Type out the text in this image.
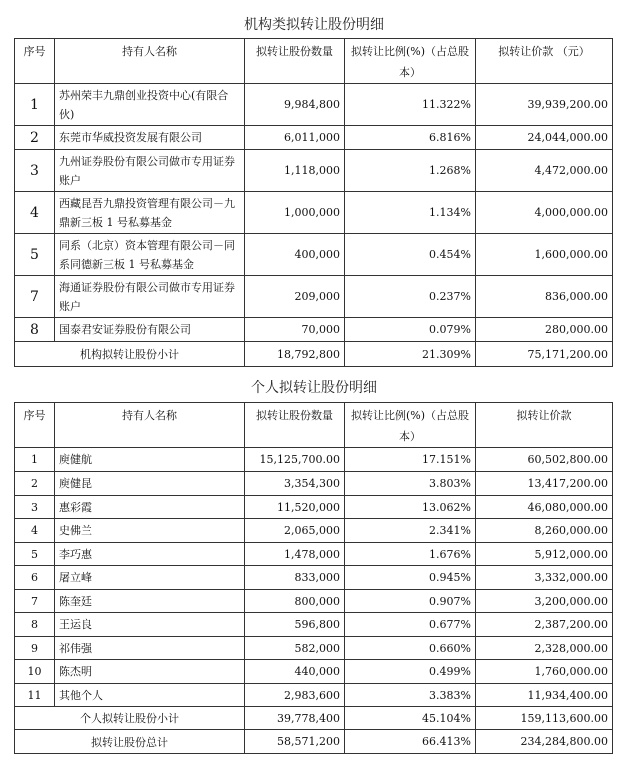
机构类拟转让股份明细
序号	持有人名称	拟转让股份数量	拟转让比例(%)（占总股本）	拟转让价款 （元）
1	苏州荣丰九鼎创业投资中心(有限合伙)	9,984,800	11.322%	39,939,200.00
2	东莞市华威投资发展有限公司	6,011,000	6.816%	24,044,000.00
3	九州证券股份有限公司做市专用证券账户	1,118,000	1.268%	4,472,000.00
4	西藏昆吾九鼎投资管理有限公司－九鼎新三板 1 号私募基金	1,000,000	1.134%	4,000,000.00
5	同系（北京）资本管理有限公司－同系同德新三板 1 号私募基金	400,000	0.454%	1,600,000.00
7	海通证券股份有限公司做市专用证券账户	209,000	0.237%	836,000.00
8	国泰君安证券股份有限公司	70,000	0.079%	280,000.00
机构拟转让股份小计		18,792,800	21.309%	75,171,200.00
个人拟转让股份明细
序号	持有人名称	拟转让股份数量	拟转让比例(%)（占总股本）	拟转让价款
1	庾健航	15,125,700.00	17.151%	60,502,800.00
2	庾健昆	3,354,300	3.803%	13,417,200.00
3	惠彩霞	11,520,000	13.062%	46,080,000.00
4	史佛兰	2,065,000	2.341%	8,260,000.00
5	李巧惠	1,478,000	1.676%	5,912,000.00
6	屠立峰	833,000	0.945%	3,332,000.00
7	陈奎廷	800,000	0.907%	3,200,000.00
8	王运良	596,800	0.677%	2,387,200.00
9	祁伟强	582,000	0.660%	2,328,000.00
10	陈杰明	440,000	0.499%	1,760,000.00
11	其他个人	2,983,600	3.383%	11,934,400.00
个人拟转让股份小计		39,778,400	45.104%	159,113,600.00
拟转让股份总计		58,571,200	66.413%	234,284,800.00
